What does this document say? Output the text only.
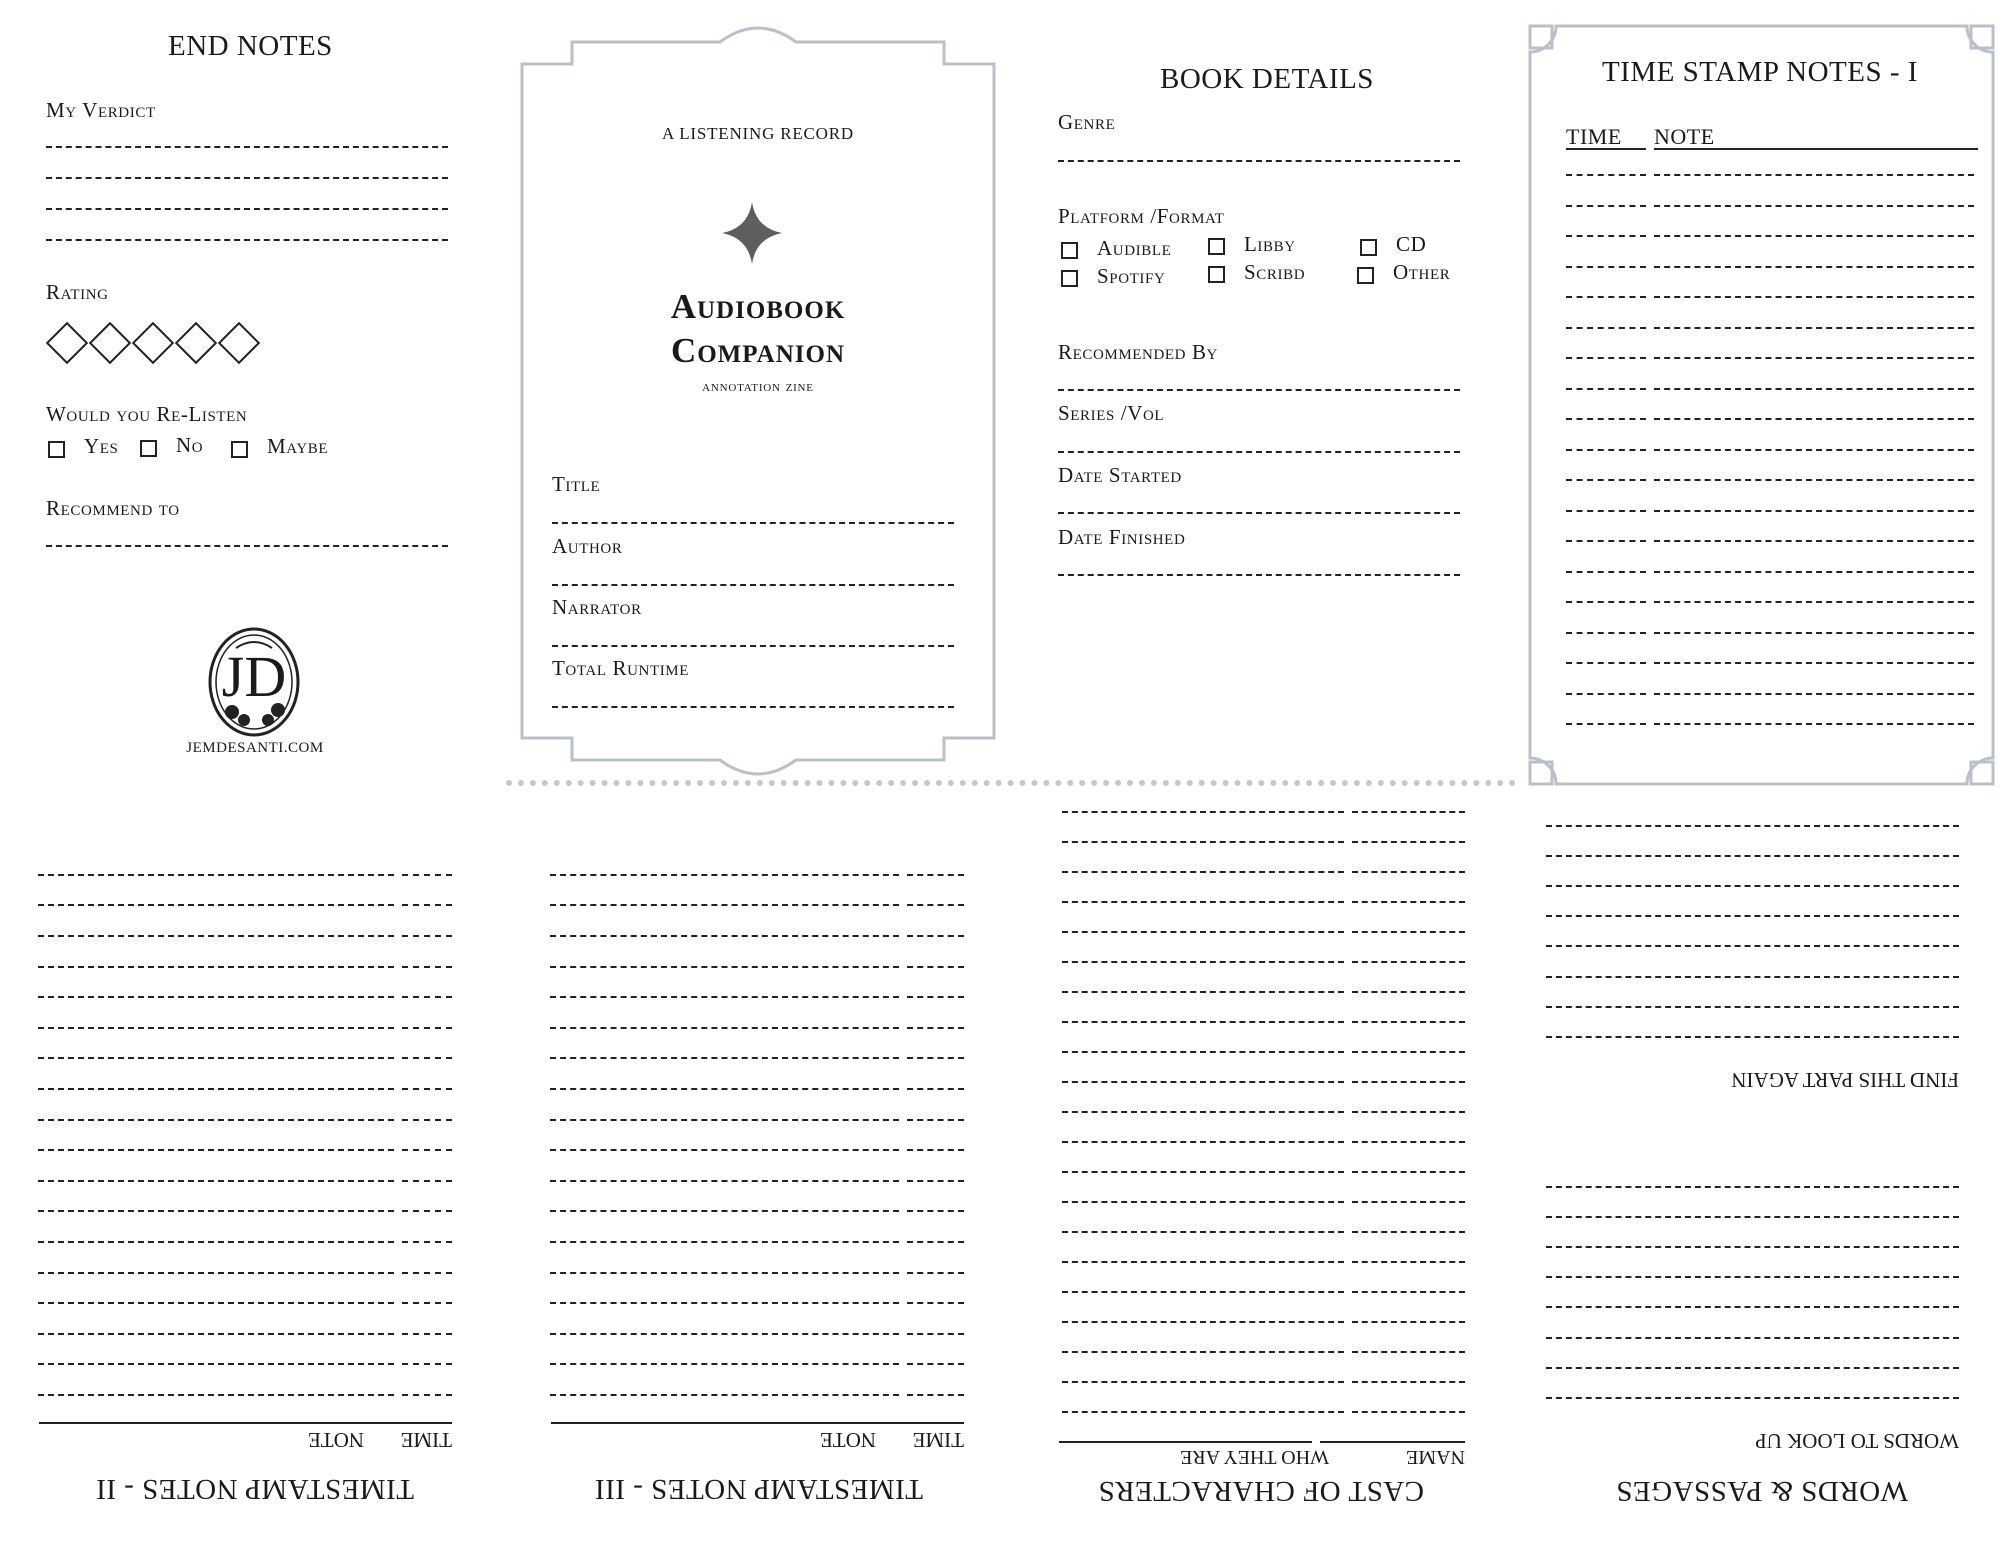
END NOTES
My Verdict
Rating
Would you Re-Listen
Yes	No	Maybe
Recommend to
JD
JEMDESANTI.COM
A LISTENING RECORD
Audiobook
Companion
annotation zine
Title
Author
Narrator
Total Runtime
BOOK DETAILS
Genre
Platform /Format
Audible	Libby	CD
Spotify	Scribd	Other
Recommended By
Series /Vol
Date Started
Date Finished
TIME STAMP NOTES - I
TIME NOTE
TIMESTAMP NOTES - II
TIME
NOTE
TIMESTAMP NOTES - III
TIME
NOTE
CAST OF CHARACTERS
NAME
WHO THEY ARE
WORDS & PASSAGES
WORDS TO LOOK UP
FIND THIS PART AGAIN
